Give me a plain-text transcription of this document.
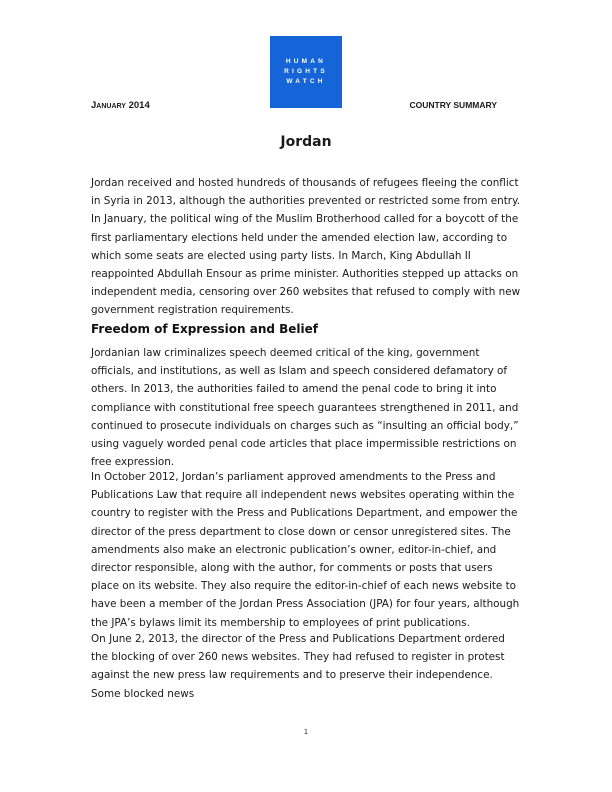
HUMAN
RIGHTS
WATCH
January 2014	COUNTRY SUMMARY
Jordan

Jordan received and hosted hundreds of thousands of refugees fleeing the conflict in Syria in 2013, although the authorities prevented or restricted some from entry. In January, the political wing of the Muslim Brotherhood called for a boycott of the first parliamentary elections held under the amended election law, according to which some seats are elected using party lists. In March, King Abdullah II reappointed Abdullah Ensour as prime minister. Authorities stepped up attacks on independent media, censoring over 260 websites that refused to comply with new government registration requirements.

Freedom of Expression and Belief

Jordanian law criminalizes speech deemed critical of the king, government officials, and institutions, as well as Islam and speech considered defamatory of others. In 2013, the authorities failed to amend the penal code to bring it into compliance with constitutional free speech guarantees strengthened in 2011, and continued to prosecute individuals on charges such as “insulting an official body,” using vaguely worded penal code articles that place impermissible restrictions on free expression.

In October 2012, Jordan’s parliament approved amendments to the Press and Publications Law that require all independent news websites operating within the country to register with the Press and Publications Department, and empower the director of the press department to close down or censor unregistered sites. The amendments also make an electronic publication’s owner, editor-in-chief, and director responsible, along with the author, for comments or posts that users place on its website. They also require the editor-in-chief of each news website to have been a member of the Jordan Press Association (JPA) for four years, although the JPA’s bylaws limit its membership to employees of print publications.

On June 2, 2013, the director of the Press and Publications Department ordered the blocking of over 260 news websites. They had refused to register in protest against the new press law requirements and to preserve their independence. Some blocked news

1
